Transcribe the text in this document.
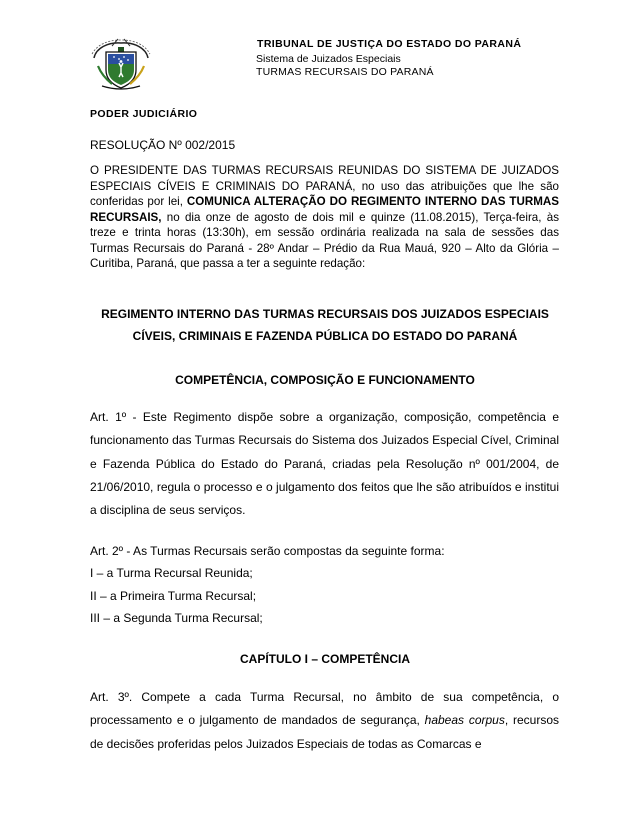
TRIBUNAL DE JUSTIÇA DO ESTADO DO PARANÁ
Sistema de Juizados Especiais
TURMAS RECURSAIS DO PARANÁ
PODER JUDICIÁRIO
RESOLUÇÃO Nº 002/2015
O PRESIDENTE DAS TURMAS RECURSAIS REUNIDAS DO SISTEMA DE JUIZADOS ESPECIAIS CÍVEIS E CRIMINAIS DO PARANÁ, no uso das atribuições que lhe são conferidas por lei, COMUNICA ALTERAÇÃO DO REGIMENTO INTERNO DAS TURMAS RECURSAIS, no dia onze de agosto de dois mil e quinze (11.08.2015), Terça-feira, às treze e trinta horas (13:30h), em sessão ordinária realizada na sala de sessões das Turmas Recursais do Paraná - 28º Andar – Prédio da Rua Mauá, 920 – Alto da Glória – Curitiba, Paraná, que passa a ter a seguinte redação:
REGIMENTO INTERNO DAS TURMAS RECURSAIS DOS JUIZADOS ESPECIAIS
CÍVEIS, CRIMINAIS E FAZENDA PÚBLICA DO ESTADO DO PARANÁ
COMPETÊNCIA, COMPOSIÇÃO E FUNCIONAMENTO
Art. 1º - Este Regimento dispõe sobre a organização, composição, competência e funcionamento das Turmas Recursais do Sistema dos Juizados Especial Cível, Criminal e Fazenda Pública do Estado do Paraná, criadas pela Resolução nº 001/2004, de 21/06/2010, regula o processo e o julgamento dos feitos que lhe são atribuídos e institui a disciplina de seus serviços.
Art. 2º - As Turmas Recursais serão compostas da seguinte forma:
I – a Turma Recursal Reunida;
II – a Primeira Turma Recursal;
III – a Segunda Turma Recursal;
CAPÍTULO I – COMPETÊNCIA
Art. 3º. Compete a cada Turma Recursal, no âmbito de sua competência, o processamento e o julgamento de mandados de segurança, habeas corpus, recursos de decisões proferidas pelos Juizados Especiais de todas as Comarcas e
